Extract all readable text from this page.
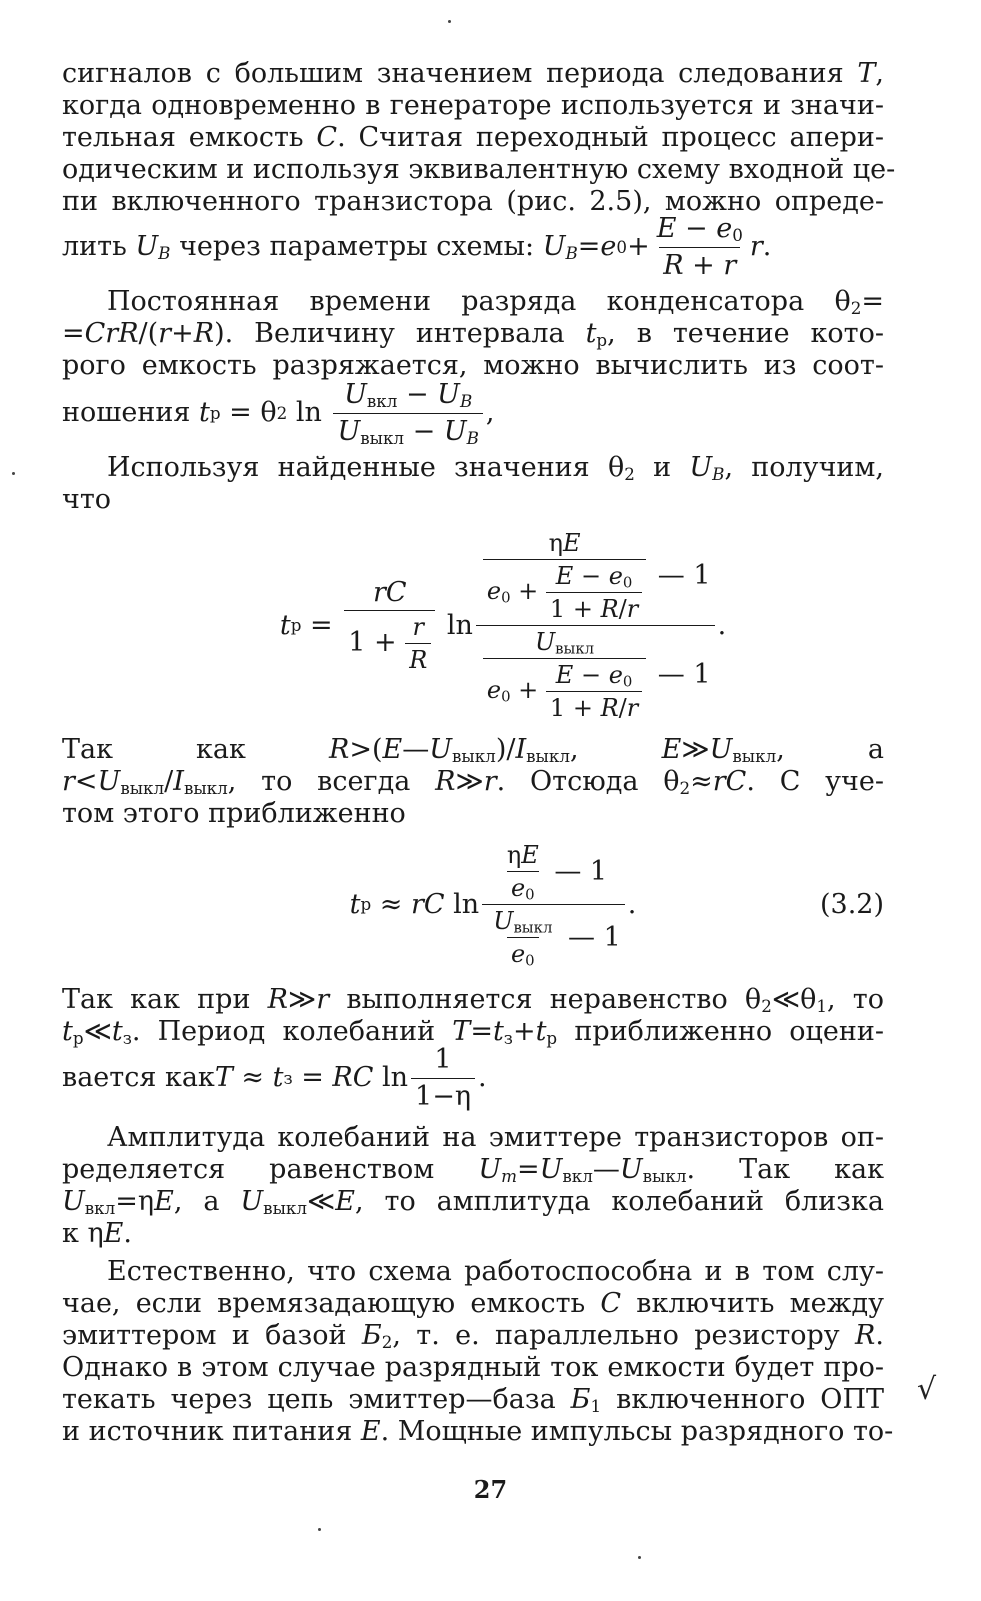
сигналов с большим значением периода следования T,
когда одновременно в генераторе используется и значи-
тельная емкость C. Считая переходный процесс апери-
одическим и используя эквивалентную схему входной це-
пи включенного транзистора (рис. 2.5), можно опреде-
лить
$U_B$
через параметры схемы:
$U_B = e$ $0 + \frac{E - e_0}{R + r}$ r .
Постоянная времени разряда конденсатора $\theta_2=$
=CrR/(r+R). Величину интервала $t_р$, в течение кото-
рого емкость разряжается, можно вычислить из соот-
ношения
t р = θ 2 $\ln \frac{U_{вкл} - U_B}{U_{выкл} - U_B}$ ,
Используя найденные значения $\theta_2$ и $U_B$, получим,
что
t $р = \frac{rC}{1 + \frac{r}{R}}$ $\ln \frac{\frac{\eta E}{e_0 + \frac{E - e_0}{1 + R/r}} — 1}{\frac{U_{выкл}}{e_0 + \frac{E - e_0}{1 + R/r}} — 1}$ .
Так как	$R>(E—U_{выкл})/I_{выкл}$, $E≫U_{выкл}$, а
$r<U_{выкл}/I_{выкл}$, то всегда R≫r. Отсюда $\theta_2\approx rC$. С уче-
том этого приближенно
t р ≈ rC $\ln \frac{\frac{\eta E}{e_0} — 1}{\frac{U_{выкл}}{e_0} — 1}$ .	(3.2)
Так как при R≫r выполняется неравенство $\theta_2≪\theta_1$, то
$t_р≪t_з$. Период колебаний $T=t_з+t_р$ приближенно оцени-
вается как T ≈ t з = RC $\ln \frac{1}{1-\eta}$ .
Амплитуда колебаний на эмиттере транзисторов оп-
ределяется равенством $U_m=U_{вкл}—U_{выкл}$. Так как
$U_{вкл}=\eta E$, а $U_{выкл}≪E$, то амплитуда колебаний близка
к ηE.
Естественно, что схема работоспособна и в том слу-
чае, если времязадающую емкость C включить между
эмиттером и базой $Б_2$, т. е. параллельно резистору R.
Однако в этом случае разрядный ток емкости будет про-
текать через цепь эмиттер—база $Б_1$ включенного ОПТ
и источник питания E. Мощные импульсы разрядного то-
√
27
